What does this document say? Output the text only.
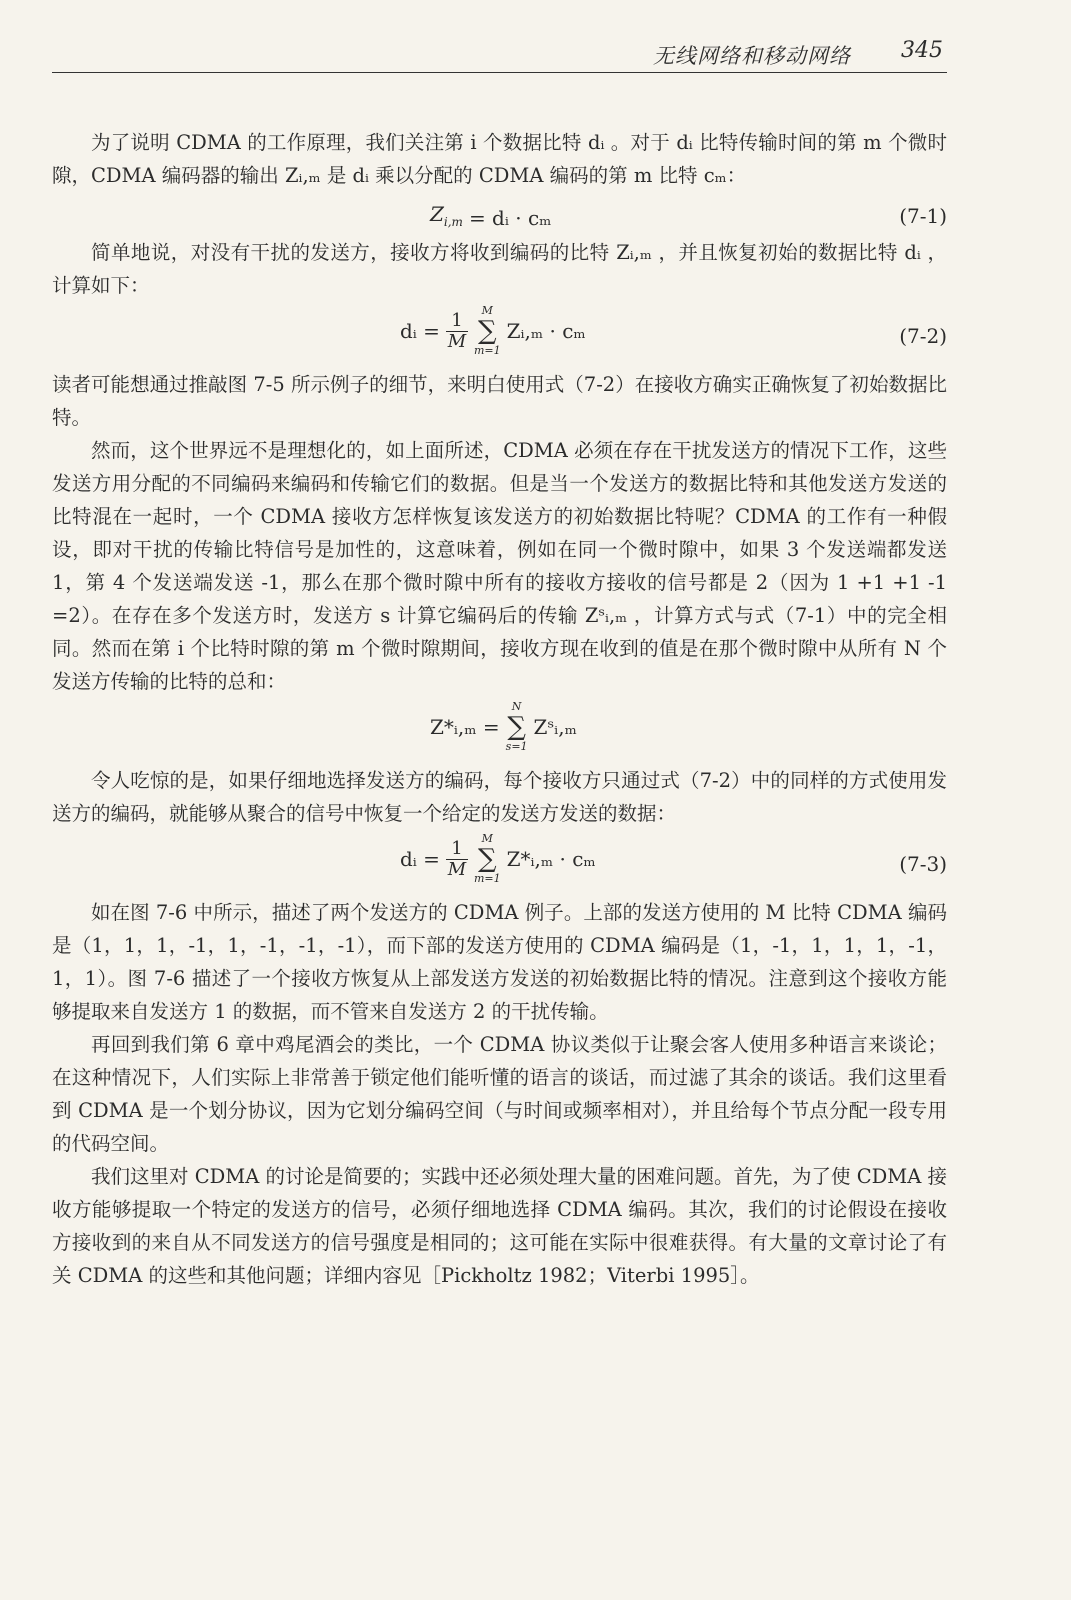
无线网络和移动网络 345

为了说明 CDMA 的工作原理，我们关注第 i 个数据比特 dᵢ 。对于 dᵢ 比特传输时间的第 m 个微时隙，CDMA 编码器的输出 Zᵢ,ₘ 是 dᵢ 乘以分配的 CDMA 编码的第 m 比特 cₘ：

$Z_{i,m}$ = dᵢ · cₘ	(7-1)

简单地说，对没有干扰的发送方，接收方将收到编码的比特 Zᵢ,ₘ ，并且恢复初始的数据比特 dᵢ ，计算如下：

dᵢ = $\frac{1}{M}$ M
∑
m=1
Zᵢ,ₘ · cₘ	(7-2)

读者可能想通过推敲图 7-5 所示例子的细节，来明白使用式（7-2）在接收方确实正确恢复了初始数据比特。

然而，这个世界远不是理想化的，如上面所述，CDMA 必须在存在干扰发送方的情况下工作，这些发送方用分配的不同编码来编码和传输它们的数据。但是当一个发送方的数据比特和其他发送方发送的比特混在一起时，一个 CDMA 接收方怎样恢复该发送方的初始数据比特呢？CDMA 的工作有一种假设，即对干扰的传输比特信号是加性的，这意味着，例如在同一个微时隙中，如果 3 个发送端都发送 1，第 4 个发送端发送 -1，那么在那个微时隙中所有的接收方接收的信号都是 2（因为 1 +1 +1 -1 =2）。在存在多个发送方时，发送方 s 计算它编码后的传输 Zˢᵢ,ₘ ，计算方式与式（7-1）中的完全相同。然而在第 i 个比特时隙的第 m 个微时隙期间，接收方现在收到的值是在那个微时隙中从所有 N 个发送方传输的比特的总和：

Z*ᵢ,ₘ =
N
∑
s=1
Zˢᵢ,ₘ

令人吃惊的是，如果仔细地选择发送方的编码，每个接收方只通过式（7-2）中的同样的方式使用发送方的编码，就能够从聚合的信号中恢复一个给定的发送方发送的数据：

dᵢ = $\frac{1}{M}$ M
∑
m=1
Z*ᵢ,ₘ · cₘ	(7-3)

如在图 7-6 中所示，描述了两个发送方的 CDMA 例子。上部的发送方使用的 M 比特 CDMA 编码是（1，1，1，-1，1，-1，-1，-1），而下部的发送方使用的 CDMA 编码是（1，-1，1，1，1，-1，1，1）。图 7-6 描述了一个接收方恢复从上部发送方发送的初始数据比特的情况。注意到这个接收方能够提取来自发送方 1 的数据，而不管来自发送方 2 的干扰传输。

再回到我们第 6 章中鸡尾酒会的类比，一个 CDMA 协议类似于让聚会客人使用多种语言来谈论；在这种情况下，人们实际上非常善于锁定他们能听懂的语言的谈话，而过滤了其余的谈话。我们这里看到 CDMA 是一个划分协议，因为它划分编码空间（与时间或频率相对），并且给每个节点分配一段专用的代码空间。

我们这里对 CDMA 的讨论是简要的；实践中还必须处理大量的困难问题。首先，为了使 CDMA 接收方能够提取一个特定的发送方的信号，必须仔细地选择 CDMA 编码。其次，我们的讨论假设在接收方接收到的来自从不同发送方的信号强度是相同的；这可能在实际中很难获得。有大量的文章讨论了有关 CDMA 的这些和其他问题；详细内容见［Pickholtz 1982；Viterbi 1995］。
